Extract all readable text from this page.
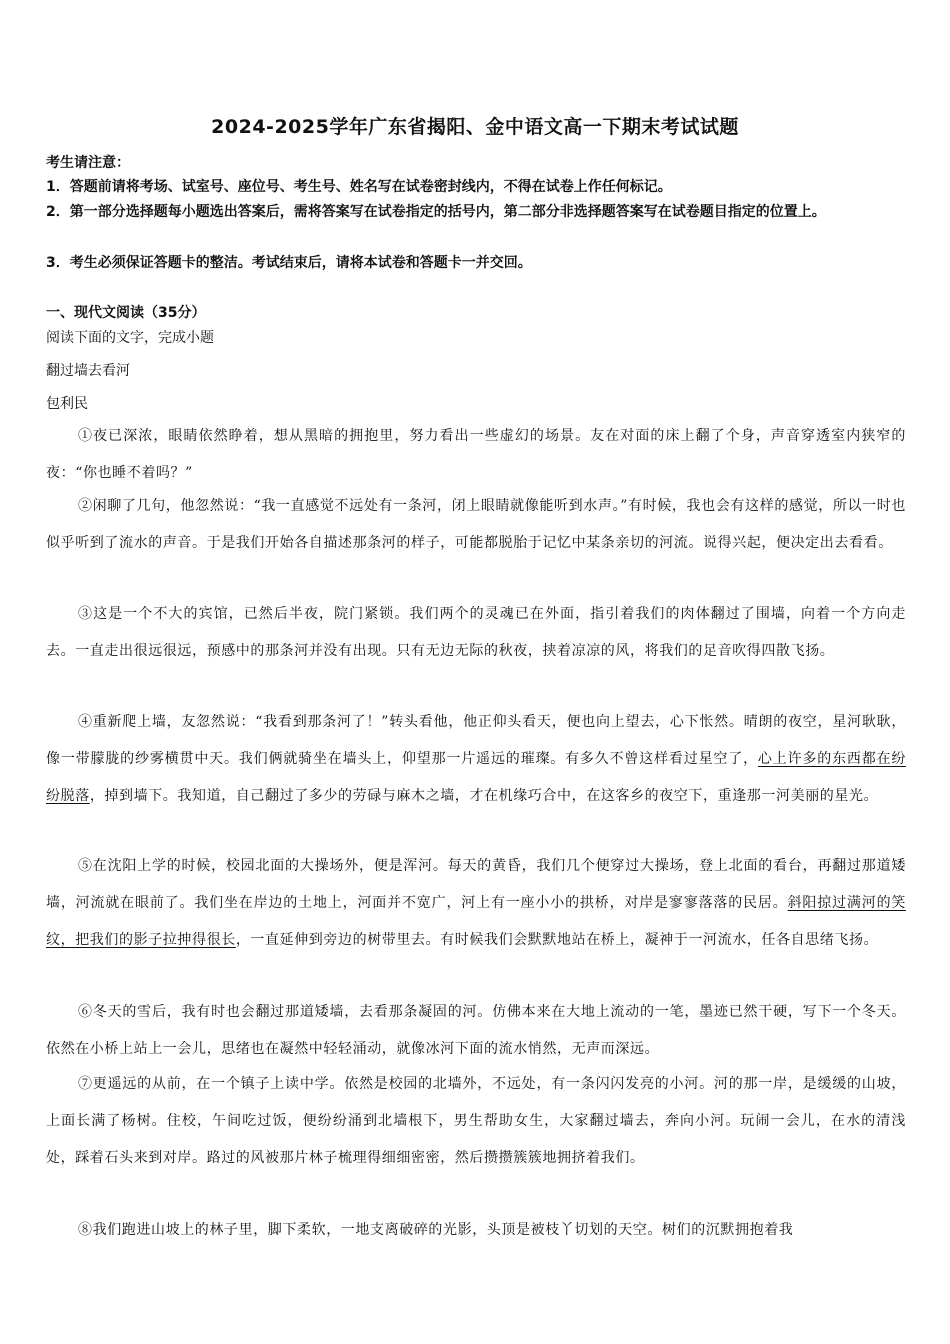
2024-2025学年广东省揭阳、金中语文高一下期末考试试题
考生请注意：
1．答题前请将考场、试室号、座位号、考生号、姓名写在试卷密封线内，不得在试卷上作任何标记。
2．第一部分选择题每小题选出答案后，需将答案写在试卷指定的括号内，第二部分非选择题答案写在试卷题目指定的位置上。
3．考生必须保证答题卡的整洁。考试结束后，请将本试卷和答题卡一并交回。
一、现代文阅读（35分）
阅读下面的文字，完成小题
翻过墙去看河
包利民
①夜已深浓，眼睛依然睁着，想从黑暗的拥抱里，努力看出一些虚幻的场景。友在对面的床上翻了个身，声音穿透室内狭窄的夜：“你也睡不着吗？”
②闲聊了几句，他忽然说：“我一直感觉不远处有一条河，闭上眼睛就像能听到水声。”有时候，我也会有这样的感觉，所以一时也似乎听到了流水的声音。于是我们开始各自描述那条河的样子，可能都脱胎于记忆中某条亲切的河流。说得兴起，便决定出去看看。
③这是一个不大的宾馆，已然后半夜，院门紧锁。我们两个的灵魂已在外面，指引着我们的肉体翻过了围墙，向着一个方向走去。一直走出很远很远，预感中的那条河并没有出现。只有无边无际的秋夜，挟着凉凉的风，将我们的足音吹得四散飞扬。
④重新爬上墙，友忽然说：“我看到那条河了！”转头看他，他正仰头看天，便也向上望去，心下怅然。晴朗的夜空，星河耿耿，像一带朦胧的纱雾横贯中天。我们俩就骑坐在墙头上，仰望那一片遥远的璀璨。有多久不曾这样看过星空了，心上许多的东西都在纷纷脱落，掉到墙下。我知道，自己翻过了多少的劳碌与麻木之墙，才在机缘巧合中，在这客乡的夜空下，重逢那一河美丽的星光。
⑤在沈阳上学的时候，校园北面的大操场外，便是浑河。每天的黄昏，我们几个便穿过大操场，登上北面的看台，再翻过那道矮墙，河流就在眼前了。我们坐在岸边的土地上，河面并不宽广，河上有一座小小的拱桥，对岸是寥寥落落的民居。斜阳掠过满河的笑纹，把我们的影子拉抻得很长，一直延伸到旁边的树带里去。有时候我们会默默地站在桥上，凝神于一河流水，任各自思绪飞扬。
⑥冬天的雪后，我有时也会翻过那道矮墙，去看那条凝固的河。仿佛本来在大地上流动的一笔，墨迹已然干硬，写下一个冬天。依然在小桥上站上一会儿，思绪也在凝然中轻轻涌动，就像冰河下面的流水悄然，无声而深远。
⑦更遥远的从前，在一个镇子上读中学。依然是校园的北墙外，不远处，有一条闪闪发亮的小河。河的那一岸，是缓缓的山坡，上面长满了杨树。住校，午间吃过饭，便纷纷涌到北墙根下，男生帮助女生，大家翻过墙去，奔向小河。玩闹一会儿，在水的清浅处，踩着石头来到对岸。路过的风被那片林子梳理得细细密密，然后攒攒簇簇地拥挤着我们。
⑧我们跑进山坡上的林子里，脚下柔软，一地支离破碎的光影，头顶是被枝丫切划的天空。树们的沉默拥抱着我
